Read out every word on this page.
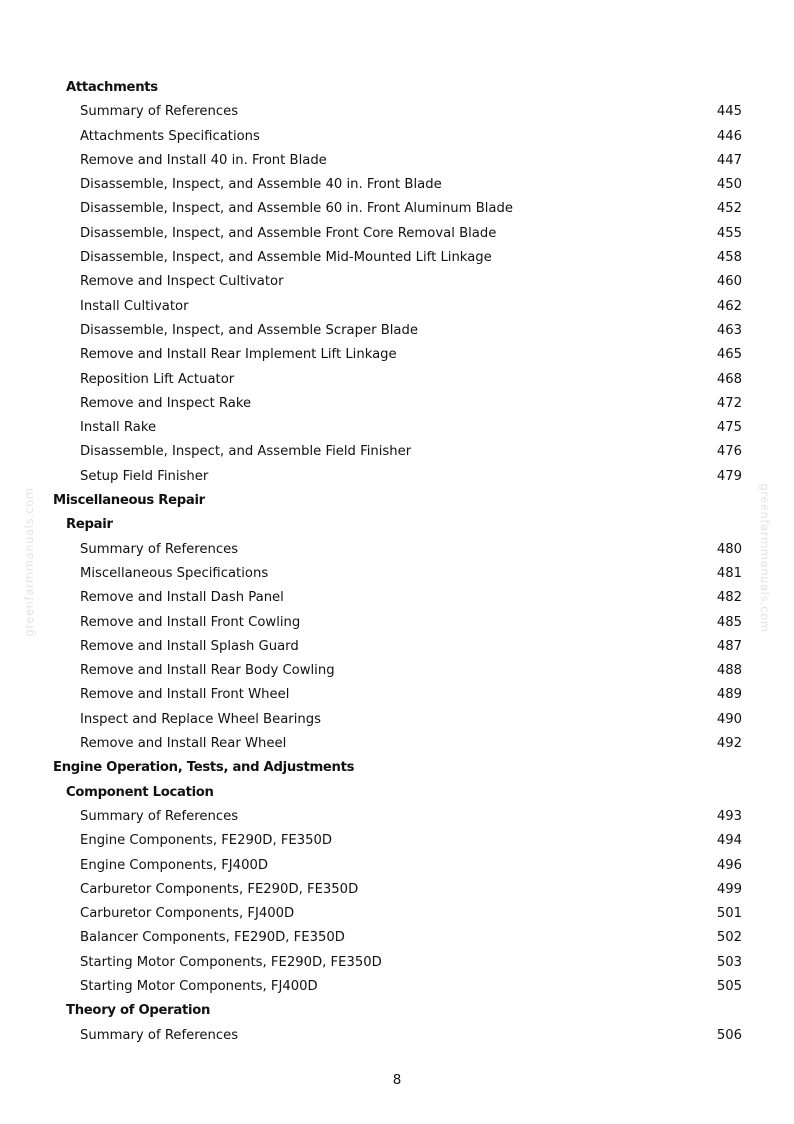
greenfarmmanuals.com	greenfarmmanuals.com
Attachments
Summary of References	445
Attachments Specifications	446
Remove and Install 40 in. Front Blade	447
Disassemble, Inspect, and Assemble 40 in. Front Blade	450
Disassemble, Inspect, and Assemble 60 in. Front Aluminum Blade	452
Disassemble, Inspect, and Assemble Front Core Removal Blade	455
Disassemble, Inspect, and Assemble Mid-Mounted Lift Linkage	458
Remove and Inspect Cultivator	460
Install Cultivator	462
Disassemble, Inspect, and Assemble Scraper Blade	463
Remove and Install Rear Implement Lift Linkage	465
Reposition Lift Actuator	468
Remove and Inspect Rake	472
Install Rake	475
Disassemble, Inspect, and Assemble Field Finisher	476
Setup Field Finisher	479
Miscellaneous Repair
Repair
Summary of References	480
Miscellaneous Specifications	481
Remove and Install Dash Panel	482
Remove and Install Front Cowling	485
Remove and Install Splash Guard	487
Remove and Install Rear Body Cowling	488
Remove and Install Front Wheel	489
Inspect and Replace Wheel Bearings	490
Remove and Install Rear Wheel	492
Engine Operation, Tests, and Adjustments
Component Location
Summary of References	493
Engine Components, FE290D, FE350D	494
Engine Components, FJ400D	496
Carburetor Components, FE290D, FE350D	499
Carburetor Components, FJ400D	501
Balancer Components, FE290D, FE350D	502
Starting Motor Components, FE290D, FE350D	503
Starting Motor Components, FJ400D	505
Theory of Operation
Summary of References	506
8
